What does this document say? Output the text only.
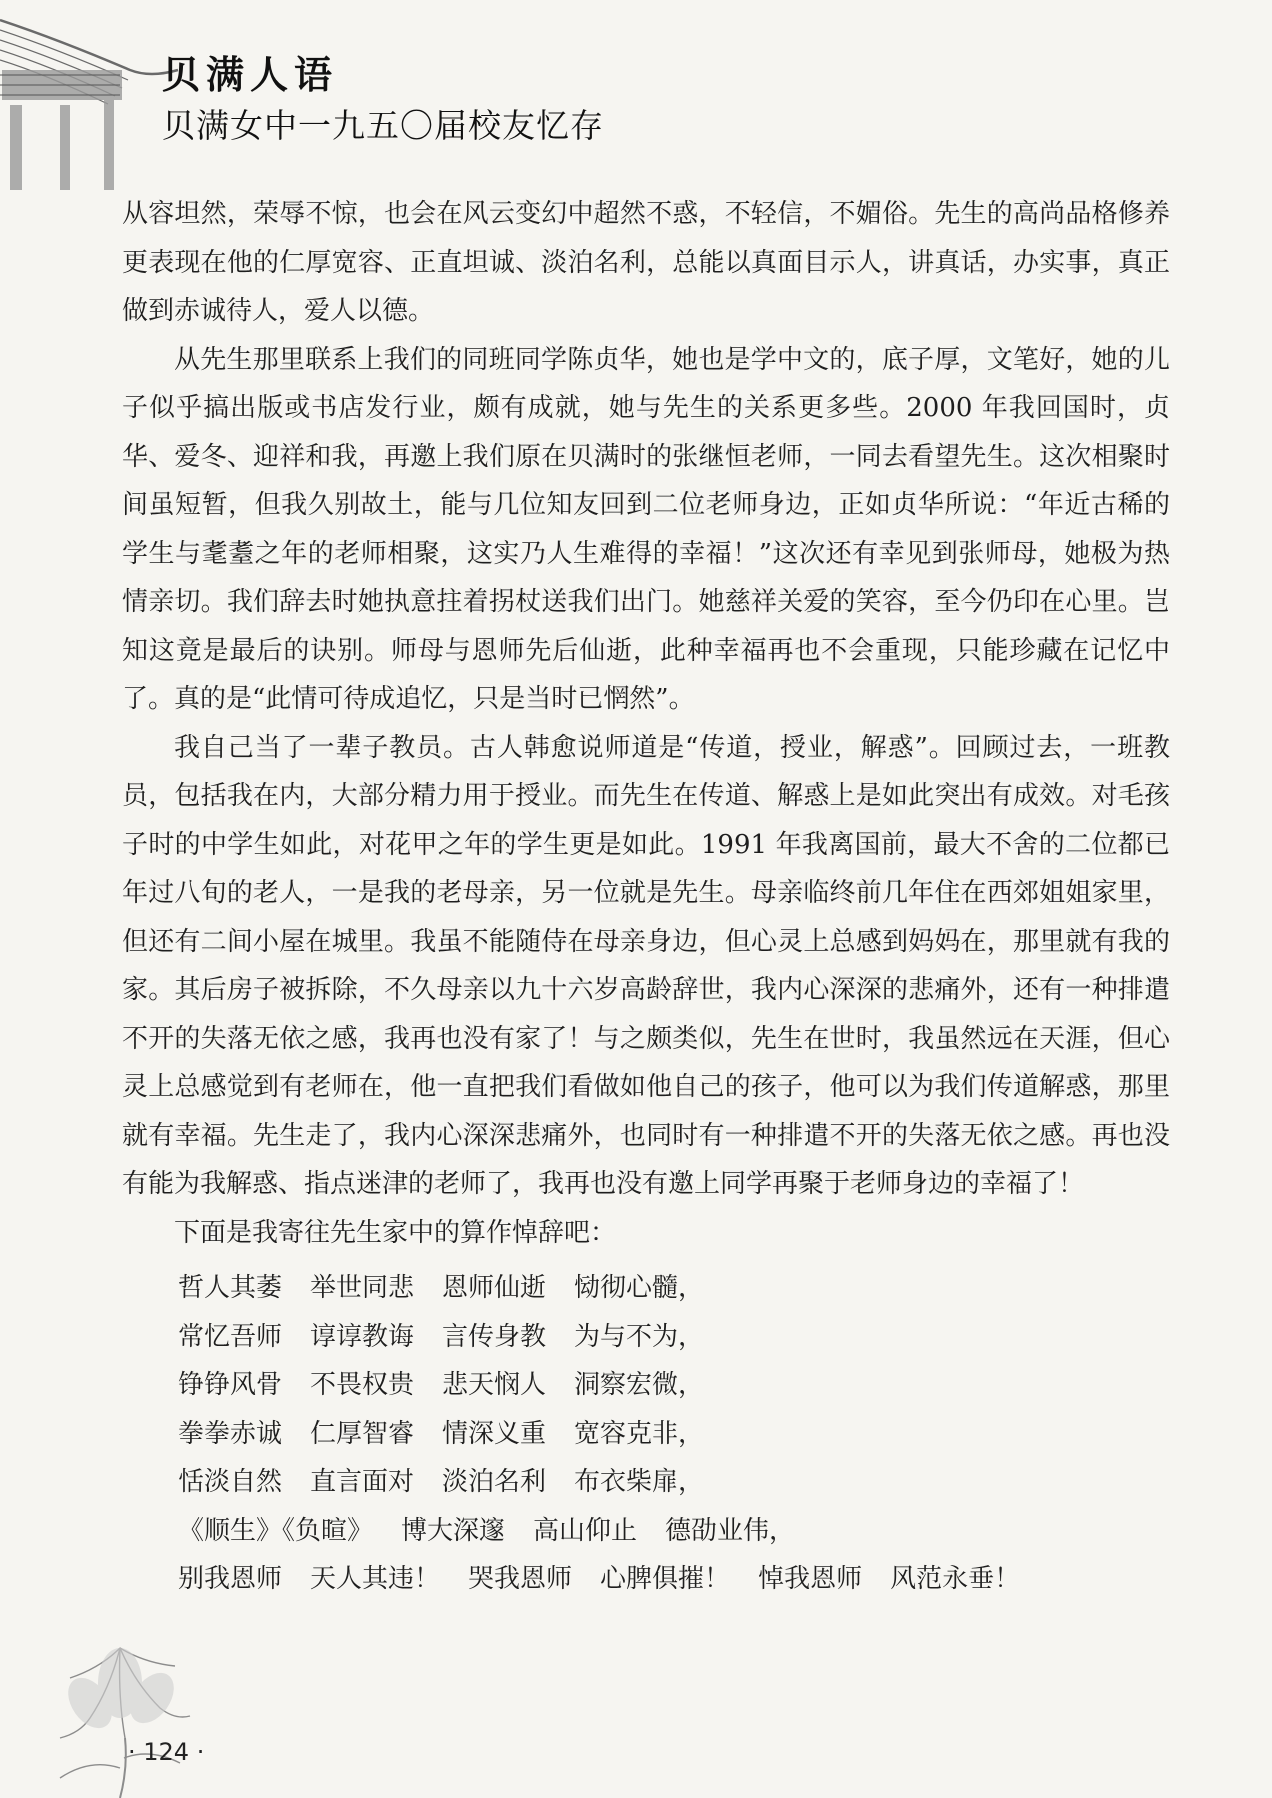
贝满人语
贝满女中一九五〇届校友忆存

从容坦然，荣辱不惊，也会在风云变幻中超然不惑，不轻信，不媚俗。先生的高尚品格修养更表现在他的仁厚宽容、正直坦诚、淡泊名利，总能以真面目示人，讲真话，办实事，真正做到赤诚待人，爱人以德。

从先生那里联系上我们的同班同学陈贞华，她也是学中文的，底子厚，文笔好，她的儿子似乎搞出版或书店发行业，颇有成就，她与先生的关系更多些。2000 年我回国时，贞华、爱冬、迎祥和我，再邀上我们原在贝满时的张继恒老师，一同去看望先生。这次相聚时间虽短暂，但我久别故土，能与几位知友回到二位老师身边，正如贞华所说：“年近古稀的学生与耄耋之年的老师相聚，这实乃人生难得的幸福！”这次还有幸见到张师母，她极为热情亲切。我们辞去时她执意拄着拐杖送我们出门。她慈祥关爱的笑容，至今仍印在心里。岂知这竟是最后的诀别。师母与恩师先后仙逝，此种幸福再也不会重现，只能珍藏在记忆中了。真的是“此情可待成追忆，只是当时已惘然”。

我自己当了一辈子教员。古人韩愈说师道是“传道，授业，解惑”。回顾过去，一班教员，包括我在内，大部分精力用于授业。而先生在传道、解惑上是如此突出有成效。对毛孩子时的中学生如此，对花甲之年的学生更是如此。1991 年我离国前，最大不舍的二位都已年过八旬的老人，一是我的老母亲，另一位就是先生。母亲临终前几年住在西郊姐姐家里，但还有二间小屋在城里。我虽不能随侍在母亲身边，但心灵上总感到妈妈在，那里就有我的家。其后房子被拆除，不久母亲以九十六岁高龄辞世，我内心深深的悲痛外，还有一种排遣不开的失落无依之感，我再也没有家了！与之颇类似，先生在世时，我虽然远在天涯，但心灵上总感觉到有老师在，他一直把我们看做如他自己的孩子，他可以为我们传道解惑，那里就有幸福。先生走了，我内心深深悲痛外，也同时有一种排遣不开的失落无依之感。再也没有能为我解惑、指点迷津的老师了，我再也没有邀上同学再聚于老师身边的幸福了！

下面是我寄往先生家中的算作悼辞吧：

哲人其萎 举世同悲 恩师仙逝 恸彻心髓，
常忆吾师 谆谆教诲 言传身教 为与不为，
铮铮风骨 不畏权贵 悲天悯人 洞察宏微，
拳拳赤诚 仁厚智睿 情深义重 宽容克非，
恬淡自然 直言面对 淡泊名利 布衣柴扉，
《顺生》《负暄》 博大深邃 高山仰止 德劭业伟，
别我恩师 天人其违！ 哭我恩师 心脾俱摧！ 悼我恩师 风范永垂！
· 124 ·
